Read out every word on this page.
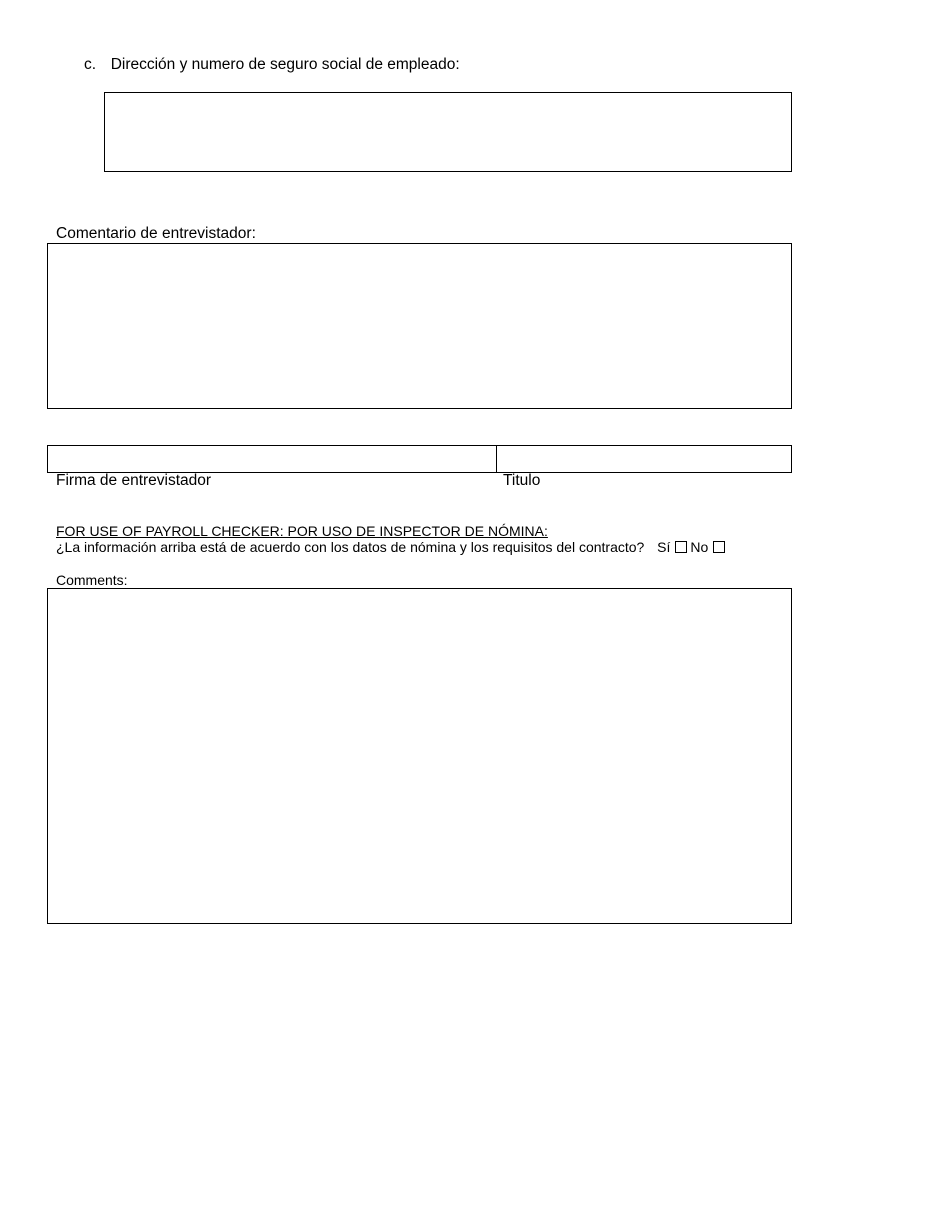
c. Dirección y numero de seguro social de empleado:
Comentario de entrevistador:
Firma de entrevistador	Titulo
FOR USE OF PAYROLL CHECKER: POR USO DE INSPECTOR DE NÓMINA:
¿La información arriba está de acuerdo con los datos de nómina y los requisitos del contracto? Sí No
Comments:
